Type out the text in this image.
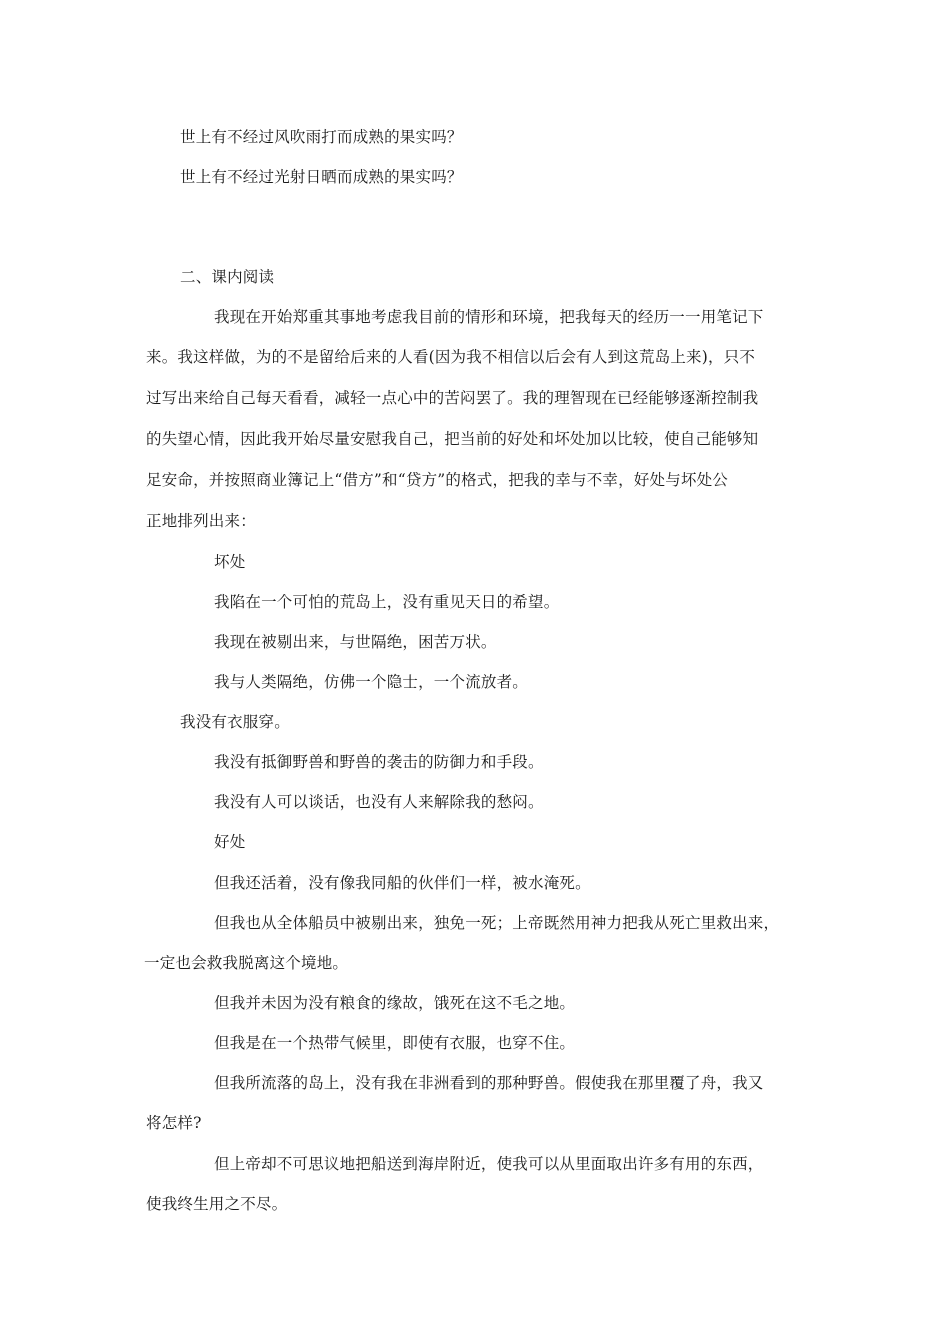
世上有不经过风吹雨打而成熟的果实吗？
世上有不经过光射日晒而成熟的果实吗？
二、课内阅读
我现在开始郑重其事地考虑我目前的情形和环境，把我每天的经历一一用笔记下
来。我这样做，为的不是留给后来的人看(因为我不相信以后会有人到这荒岛上来)，只不
过写出来给自己每天看看，减轻一点心中的苦闷罢了。我的理智现在已经能够逐渐控制我
的失望心情，因此我开始尽量安慰我自己，把当前的好处和坏处加以比较，使自己能够知
足安命，并按照商业簿记上“借方”和“贷方”的格式，把我的幸与不幸，好处与坏处公
正地排列出来：
坏处
我陷在一个可怕的荒岛上，没有重见天日的希望。
我现在被剔出来，与世隔绝，困苦万状。
我与人类隔绝，仿佛一个隐士，一个流放者。
我没有衣服穿。
我没有抵御野兽和野兽的袭击的防御力和手段。
我没有人可以谈话，也没有人来解除我的愁闷。
好处
但我还活着，没有像我同船的伙伴们一样，被水淹死。
但我也从全体船员中被剔出来，独免一死；上帝既然用神力把我从死亡里救出来，
一定也会救我脱离这个境地。
但我并未因为没有粮食的缘故，饿死在这不毛之地。
但我是在一个热带气候里，即使有衣服，也穿不住。
但我所流落的岛上，没有我在非洲看到的那种野兽。假使我在那里覆了舟，我又
将怎样?
但上帝却不可思议地把船送到海岸附近，使我可以从里面取出许多有用的东西，
使我终生用之不尽。
